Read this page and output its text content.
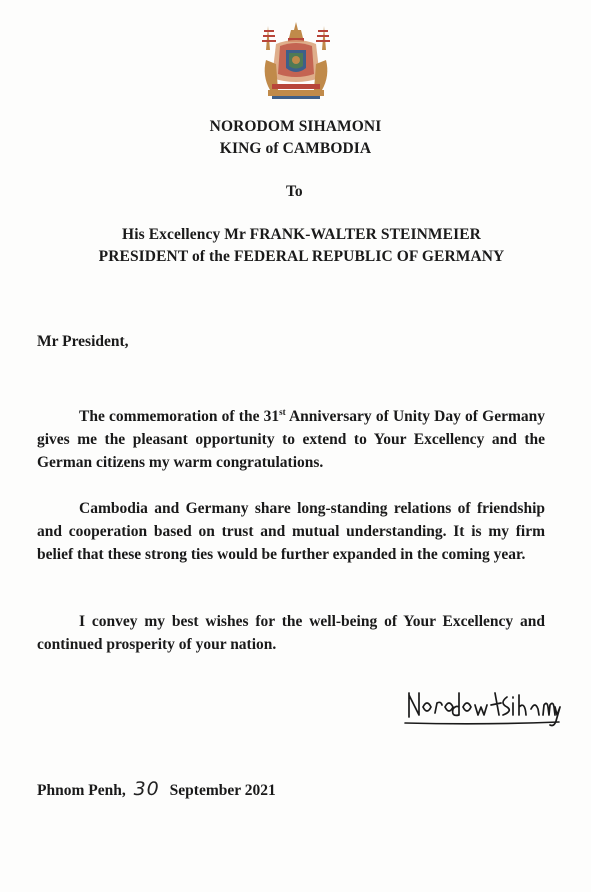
NORODOM SIHAMONI
KING of CAMBODIA
To
His Excellency Mr FRANK-WALTER STEINMEIER
PRESIDENT of the FEDERAL REPUBLIC OF GERMANY
Mr President,

The commemoration of the 31st Anniversary of Unity Day of Germany gives me the pleasant opportunity to extend to Your Excellency and the German citizens my warm congratulations.

Cambodia and Germany share long-standing relations of friendship and cooperation based on trust and mutual understanding. It is my firm belief that these strong ties would be further expanded in the coming year.

I convey my best wishes for the well-being of Your Excellency and continued prosperity of your nation.

Phnom Penh, 30 September 2021
